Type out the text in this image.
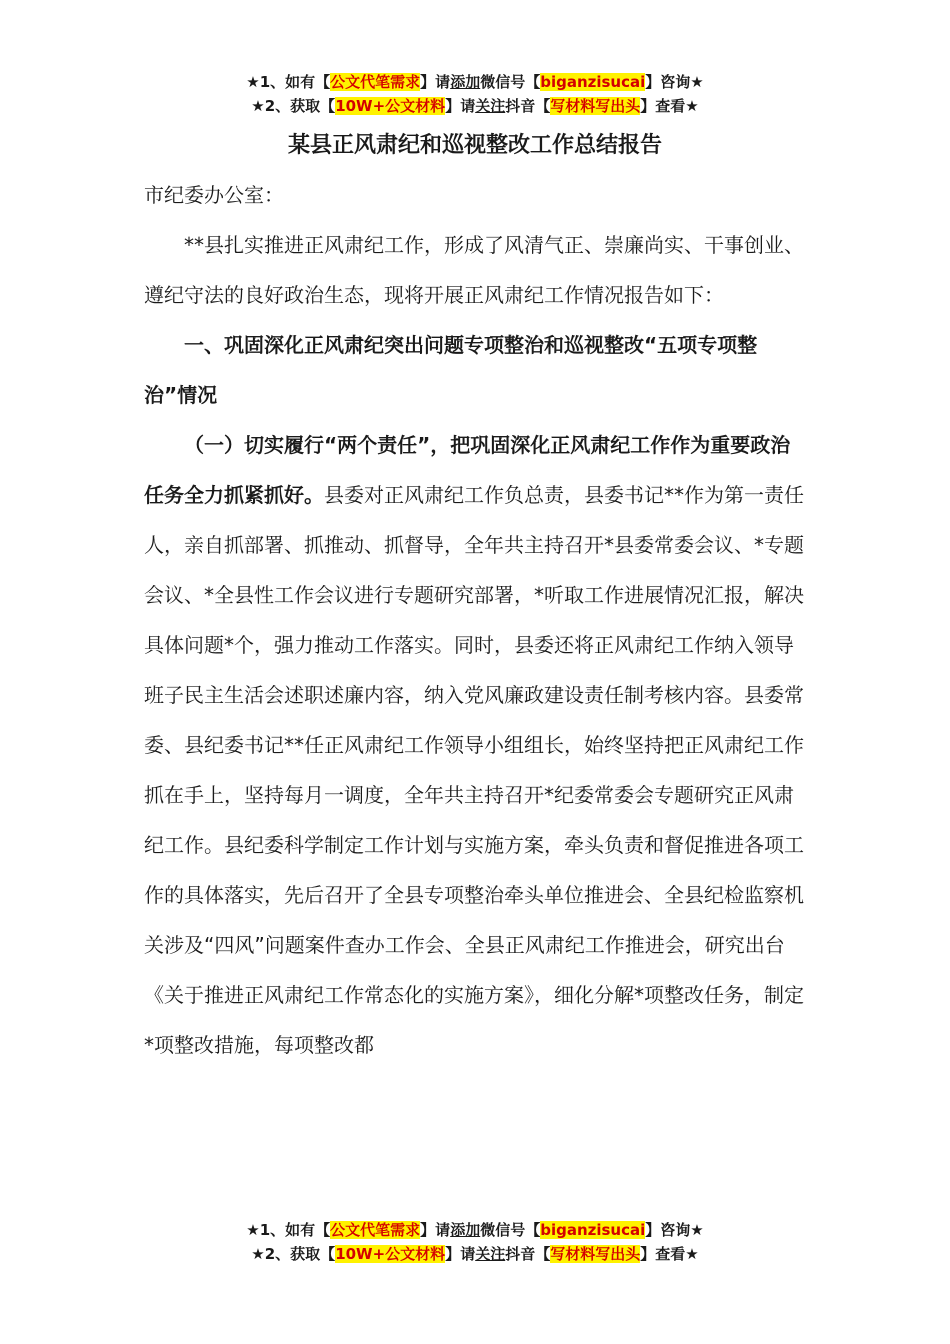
★1、如有【公文代笔需求】请添加微信号【biganzisucai】咨询★
★2、获取【10W+公文材料】请关注抖音【写材料写出头】查看★
某县正风肃纪和巡视整改工作总结报告

市纪委办公室：

**县扎实推进正风肃纪工作，形成了风清气正、崇廉尚实、干事创业、遵纪守法的良好政治生态，现将开展正风肃纪工作情况报告如下：

一、巩固深化正风肃纪突出问题专项整治和巡视整改“五项专项整治”情况

（一）切实履行“两个责任”，把巩固深化正风肃纪工作作为重要政治任务全力抓紧抓好。县委对正风肃纪工作负总责，县委书记**作为第一责任人，亲自抓部署、抓推动、抓督导，全年共主持召开*县委常委会议、*专题会议、*全县性工作会议进行专题研究部署，*听取工作进展情况汇报，解决具体问题*个，强力推动工作落实。同时，县委还将正风肃纪工作纳入领导班子民主生活会述职述廉内容，纳入党风廉政建设责任制考核内容。县委常委、县纪委书记**任正风肃纪工作领导小组组长，始终坚持把正风肃纪工作抓在手上，坚持每月一调度，全年共主持召开*纪委常委会专题研究正风肃纪工作。县纪委科学制定工作计划与实施方案，牵头负责和督促推进各项工作的具体落实，先后召开了全县专项整治牵头单位推进会、全县纪检监察机关涉及“四风”问题案件查办工作会、全县正风肃纪工作推进会，研究出台《关于推进正风肃纪工作常态化的实施方案》，细化分解*项整改任务，制定*项整改措施，每项整改都

★1、如有【公文代笔需求】请添加微信号【biganzisucai】咨询★
★2、获取【10W+公文材料】请关注抖音【写材料写出头】查看★
